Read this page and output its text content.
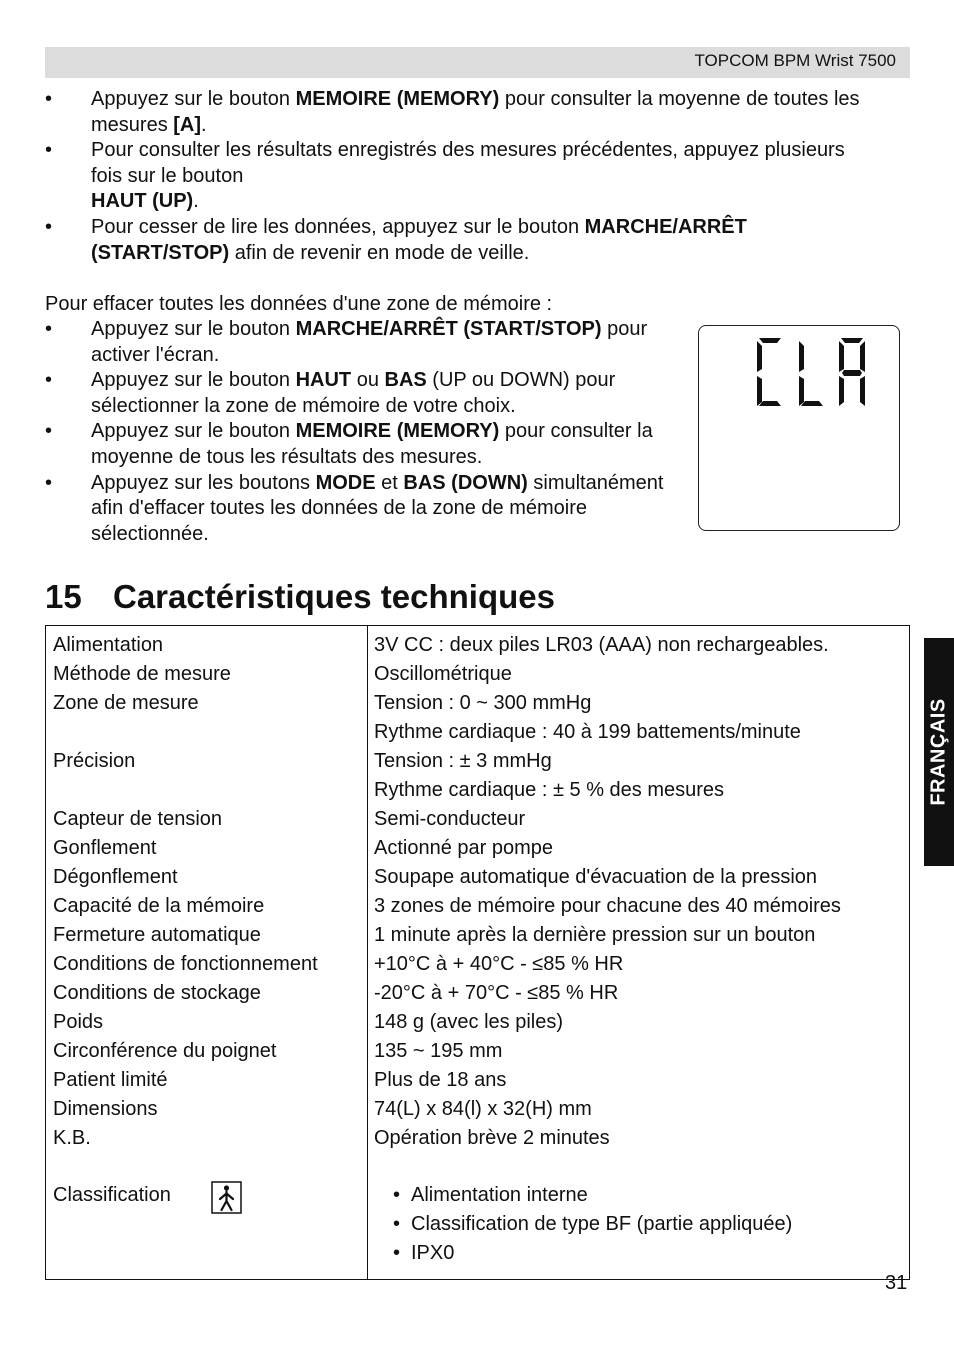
TOPCOM BPM Wrist 7500
• Appuyez sur le bouton MEMOIRE (MEMORY) pour consulter la moyenne de toutes les mesures [A].
• Pour consulter les résultats enregistrés des mesures précédentes, appuyez plusieurs fois sur le bouton
HAUT (UP).
• Pour cesser de lire les données, appuyez sur le bouton MARCHE/ARRÊT (START/STOP) afin de revenir en mode de veille.
Pour effacer toutes les données d'une zone de mémoire :
• Appuyez sur le bouton MARCHE/ARRÊT (START/STOP) pour activer l'écran.
• Appuyez sur le bouton HAUT ou BAS (UP ou DOWN) pour sélectionner la zone de mémoire de votre choix.
• Appuyez sur le bouton MEMOIRE (MEMORY) pour consulter la moyenne de tous les résultats des mesures.
• Appuyez sur les boutons MODE et BAS (DOWN) simultanément afin d'effacer toutes les données de la zone de mémoire sélectionnée.
15 Caractéristiques techniques
Alimentation
Méthode de mesure
Zone de mesure
Précision
Capteur de tension
Gonflement
Dégonflement
Capacité de la mémoire
Fermeture automatique
Conditions de fonctionnement
Conditions de stockage
Poids
Circonférence du poignet
Patient limité
Dimensions
K.B.
3V CC : deux piles LR03 (AAA) non rechargeables.
Oscillométrique
Tension : 0 ~ 300 mmHg
Rythme cardiaque : 40 à 199 battements/minute
Tension : ± 3 mmHg
Rythme cardiaque : ± 5 % des mesures
Semi-conducteur
Actionné par pompe
Soupape automatique d'évacuation de la pression
3 zones de mémoire pour chacune des 40 mémoires
1 minute après la dernière pression sur un bouton
+10°C à + 40°C - ≤85 % HR
-20°C à + 70°C - ≤85 % HR
148 g (avec les piles)
135 ~ 195 mm
Plus de 18 ans
74(L) x 84(l) x 32(H) mm
Opération brève 2 minutes
Classification	• Alimentation interne
• Classification de type BF (partie appliquée)
• IPX0
FRANÇAIS
31
